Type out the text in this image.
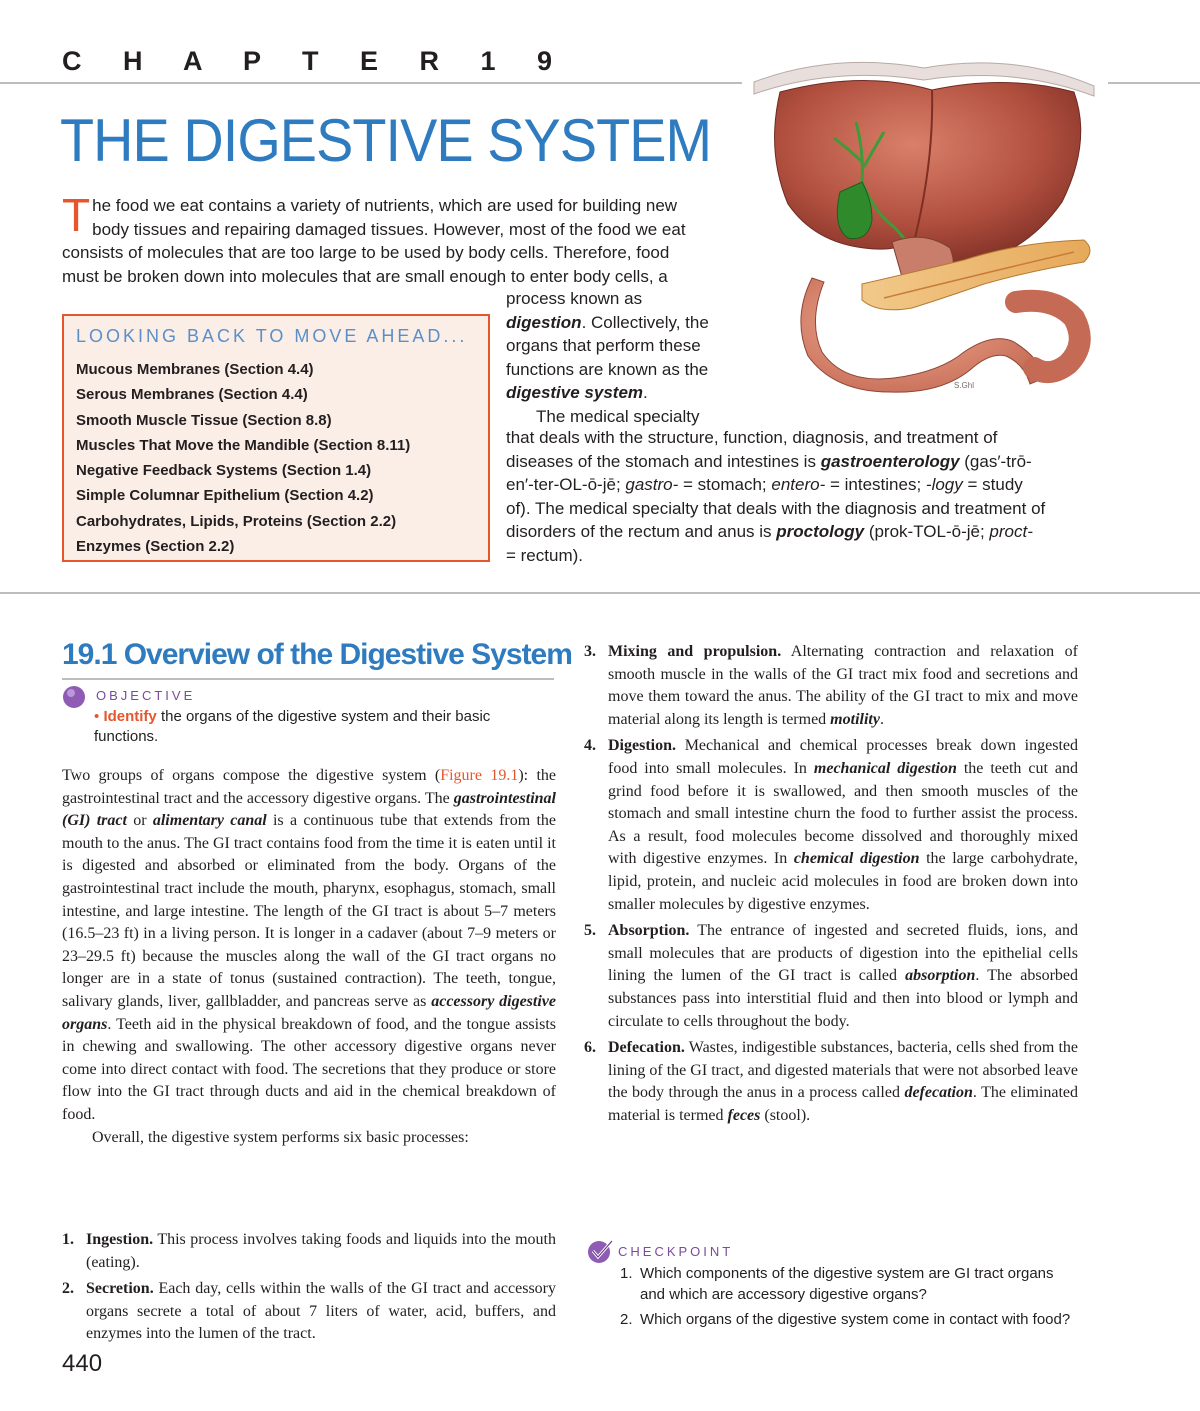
C H A P T E R 1 9
THE DIGESTIVE SYSTEM
S.Ghl
The food we eat contains a variety of nutrients, which are used for building new body tissues and repairing damaged tissues. However, most of the food we eat consists of molecules that are too large to be used by body cells. Therefore, food must be broken down into molecules that are small enough to enter body cells, a
process known as digestion. Collectively, the organs that perform these functions are known as the digestive system.
The medical specialty
that deals with the structure, function, diagnosis, and treatment of diseases of the stomach and intestines is gastroenterology (gas′-trō-en′-ter-OL-ō-jē; gastro- = stomach; entero- = intestines; -logy = study of). The medical specialty that deals with the diagnosis and treatment of disorders of the rectum and anus is proctology (prok-TOL-ō-jē; proct- = rectum).
LOOKING BACK TO MOVE AHEAD...
Mucous Membranes (Section 4.4)
Serous Membranes (Section 4.4)
Smooth Muscle Tissue (Section 8.8)
Muscles That Move the Mandible (Section 8.11)
Negative Feedback Systems (Section 1.4)
Simple Columnar Epithelium (Section 4.2)
Carbohydrates, Lipids, Proteins (Section 2.2)
Enzymes (Section 2.2)
19.1 Overview of the Digestive System
OBJECTIVE
• Identify the organs of the digestive system and their basic functions.

Two groups of organs compose the digestive system (Figure 19.1): the gastrointestinal tract and the accessory digestive organs. The gastrointestinal (GI) tract or alimentary canal is a continuous tube that extends from the mouth to the anus. The GI tract contains food from the time it is eaten until it is digested and absorbed or eliminated from the body. Organs of the gastrointestinal tract include the mouth, pharynx, esophagus, stomach, small intestine, and large intestine. The length of the GI tract is about 5–7 meters (16.5–23 ft) in a living person. It is longer in a cadaver (about 7–9 meters or 23–29.5 ft) because the muscles along the wall of the GI tract organs no longer are in a state of tonus (sustained contraction). The teeth, tongue, salivary glands, liver, gallbladder, and pancreas serve as accessory digestive organs. Teeth aid in the physical breakdown of food, and the tongue assists in chewing and swallowing. The other accessory digestive organs never come into direct contact with food. The secretions that they produce or store flow into the GI tract through ducts and aid in the chemical breakdown of food.

Overall, the digestive system performs six basic processes:

1. Ingestion. This process involves taking foods and liquids into the mouth (eating).
2. Secretion. Each day, cells within the walls of the GI tract and accessory organs secrete a total of about 7 liters of water, acid, buffers, and enzymes into the lumen of the tract.
3. Mixing and propulsion. Alternating contraction and relaxation of smooth muscle in the walls of the GI tract mix food and secretions and move them toward the anus. The ability of the GI tract to mix and move material along its length is termed motility.
4. Digestion. Mechanical and chemical processes break down ingested food into small molecules. In mechanical digestion the teeth cut and grind food before it is swallowed, and then smooth muscles of the stomach and small intestine churn the food to further assist the process. As a result, food molecules become dissolved and thoroughly mixed with digestive enzymes. In chemical digestion the large carbohydrate, lipid, protein, and nucleic acid molecules in food are broken down into smaller molecules by digestive enzymes.
5. Absorption. The entrance of ingested and secreted fluids, ions, and small molecules that are products of digestion into the epithelial cells lining the lumen of the GI tract is called absorption. The absorbed substances pass into interstitial fluid and then into blood or lymph and circulate to cells throughout the body.
6. Defecation. Wastes, indigestible substances, bacteria, cells shed from the lining of the GI tract, and digested materials that were not absorbed leave the body through the anus in a process called defecation. The eliminated material is termed feces (stool).
CHECKPOINT
1. Which components of the digestive system are GI tract organs and which are accessory digestive organs?
2. Which organs of the digestive system come in contact with food?
440
